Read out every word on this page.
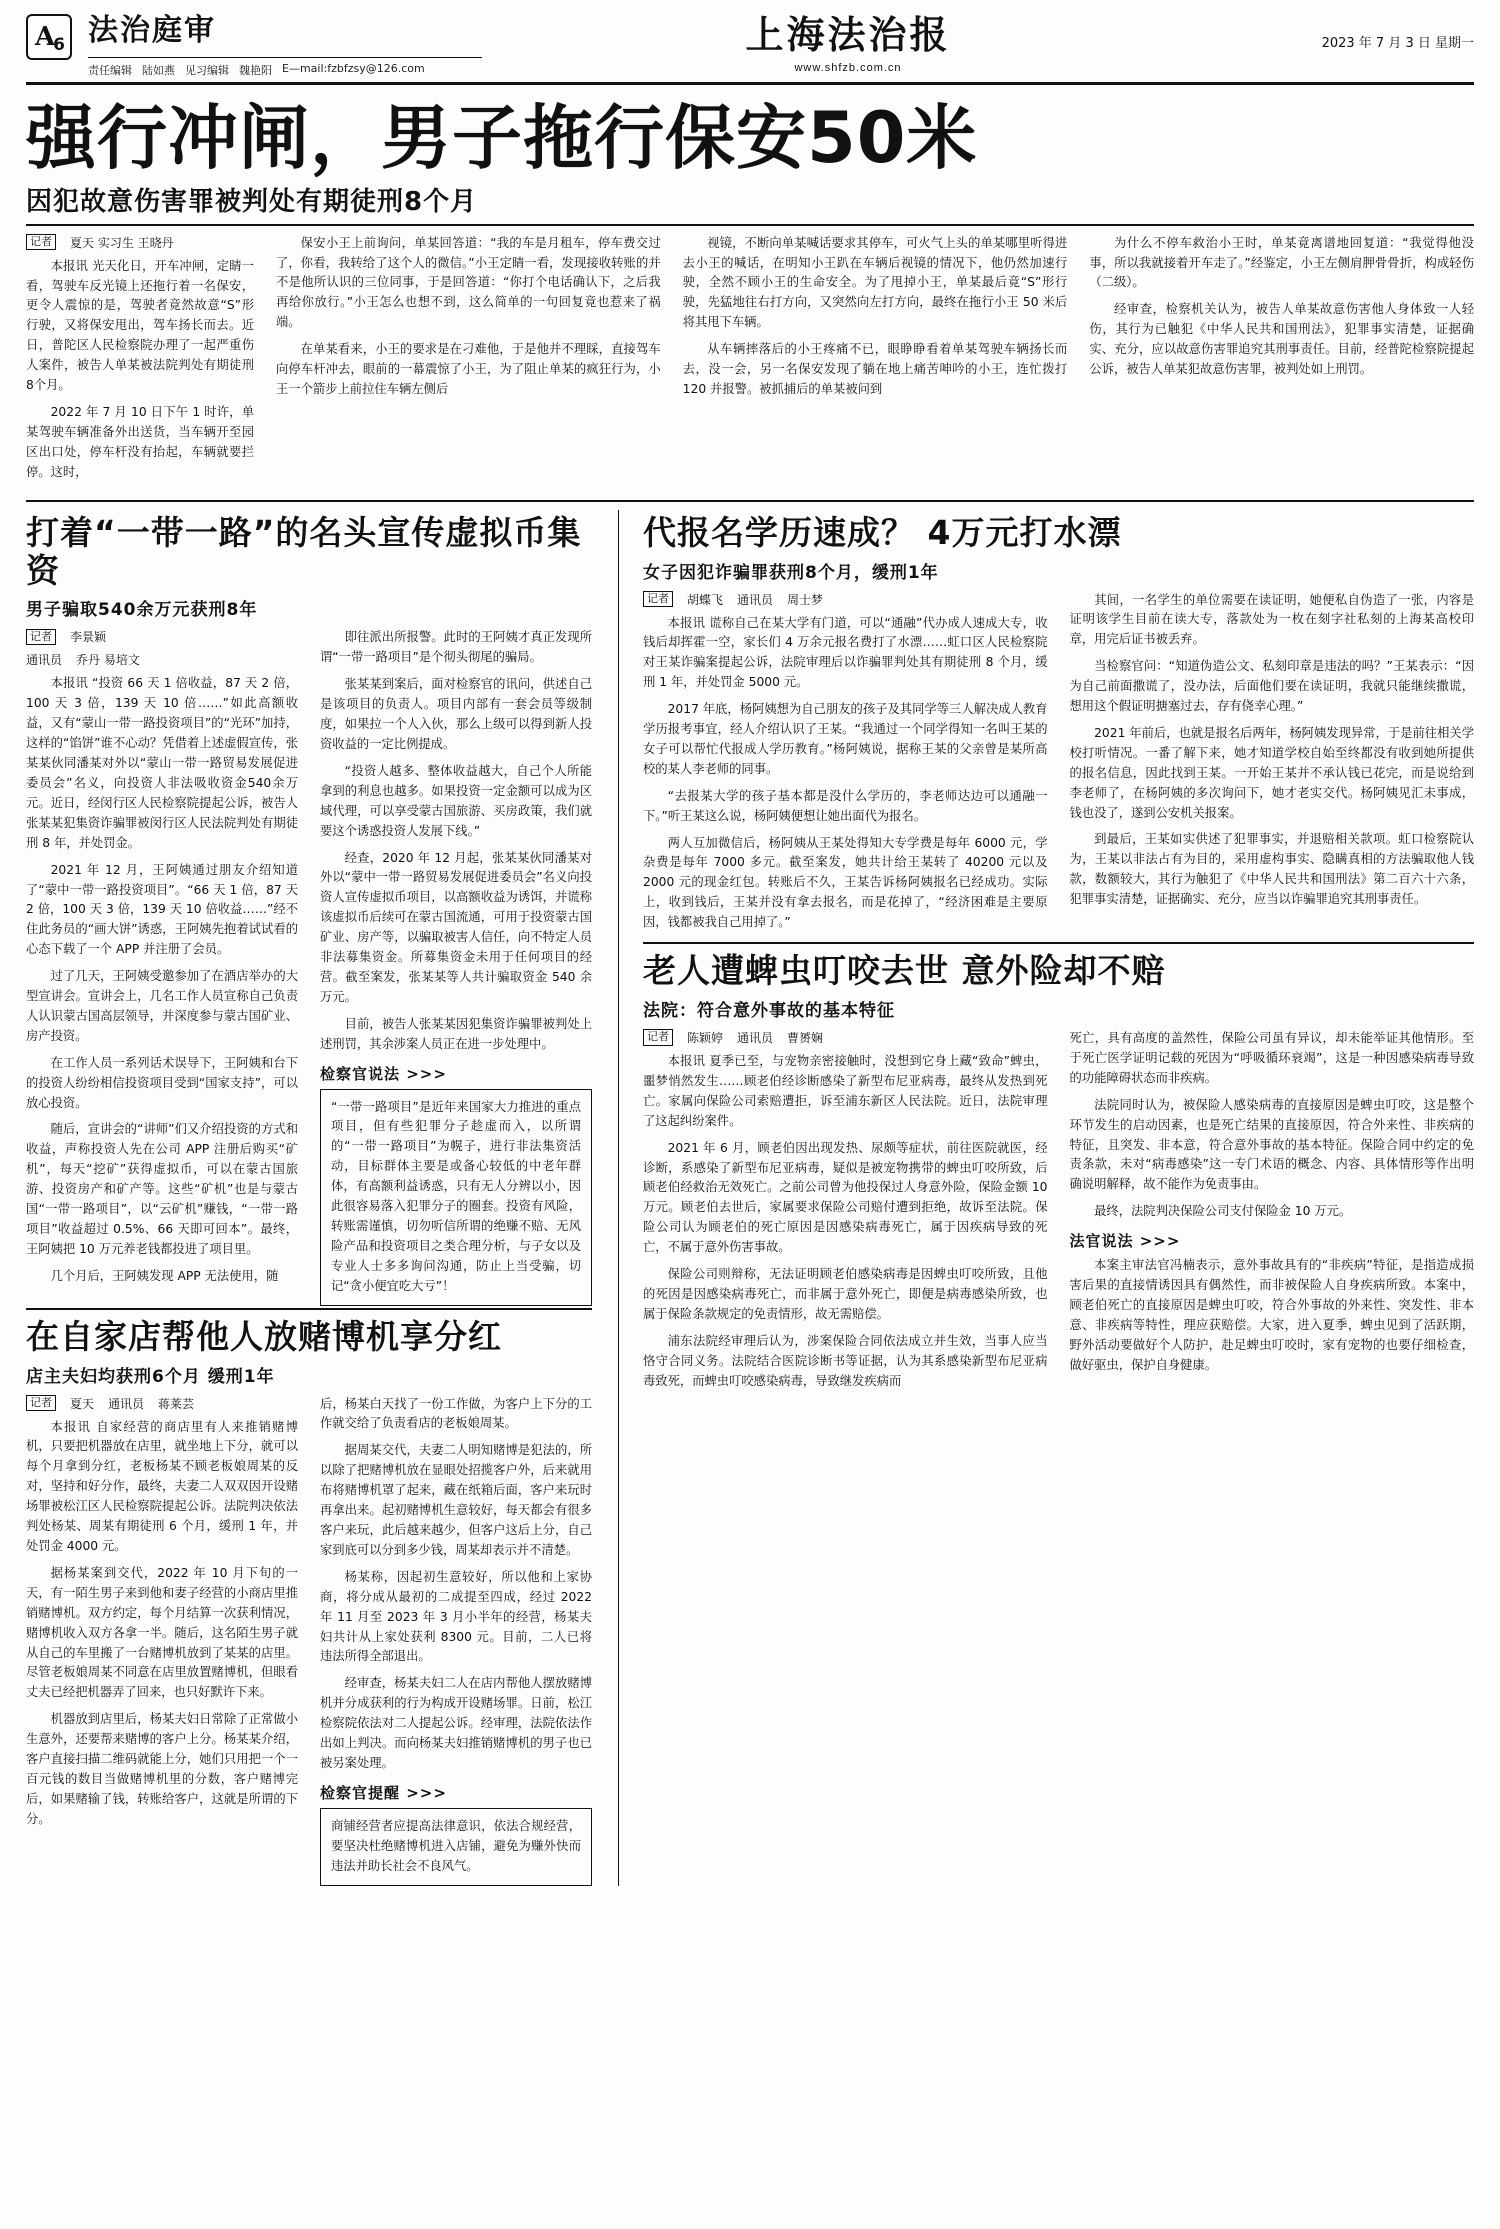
A 6 法治庭审
责任编辑 陆如燕 见习编辑 魏艳阳 E—mail:fzbfzsy@126.com
上海法治报
www.shfzb.com.cn
2023 年 7 月 3 日 星期一
强行冲闸，男子拖行保安50米
因犯故意伤害罪被判处有期徒刑8个月
记者	夏天 实习生 王晓丹

本报讯 光天化日，开车冲闸，定睛一看，驾驶车反光镜上还拖行着一名保安，更令人震惊的是，驾驶者竟然故意“S”形行驶，又将保安甩出，驾车扬长而去。近日，普陀区人民检察院办理了一起严重伤人案件，被告人单某被法院判处有期徒刑8个月。

2022 年 7 月 10 日下午 1 时许，单某驾驶车辆准备外出送货，当车辆开至园区出口处，停车杆没有抬起，车辆就要拦停。这时，

保安小王上前询问，单某回答道：“我的车是月租车，停车费交过了，你看，我转给了这个人的微信。”小王定睛一看，发现接收转账的并不是他所认识的三位同事，于是回答道：“你打个电话确认下，之后我再给你放行。”小王怎么也想不到，这么简单的一句回复竟也惹来了祸端。

在单某看来，小王的要求是在刁难他，于是他并不理睬，直接驾车向停车杆冲去，眼前的一幕震惊了小王，为了阻止单某的疯狂行为，小王一个箭步上前拉住车辆左侧后

视镜，不断向单某喊话要求其停车，可火气上头的单某哪里听得进去小王的喊话，在明知小王趴在车辆后视镜的情况下，他仍然加速行驶，全然不顾小王的生命安全。为了甩掉小王，单某最后竟“S”形行驶，先猛地往右打方向，又突然向左打方向，最终在拖行小王 50 米后将其甩下车辆。

从车辆摔落后的小王疼痛不已，眼睁睁看着单某驾驶车辆扬长而去，没一会，另一名保安发现了躺在地上痛苦呻吟的小王，连忙拨打 120 并报警。被抓捕后的单某被问到

为什么不停车救治小王时，单某竟离谱地回复道：“我觉得他没事，所以我就接着开车走了。”经鉴定，小王左侧肩胛骨骨折，构成轻伤（二级）。

经审查，检察机关认为，被告人单某故意伤害他人身体致一人轻伤，其行为已触犯《中华人民共和国刑法》，犯罪事实清楚，证据确实、充分，应以故意伤害罪追究其刑事责任。目前，经普陀检察院提起公诉，被告人单某犯故意伤害罪，被判处如上刑罚。

打着“一带一路”的名头宣传虚拟币集资
男子骗取540余万元获刑8年
记者	李景颖
通讯员 乔丹 易培文

本报讯 “投资 66 天 1 倍收益，87 天 2 倍，100 天 3 倍，139 天 10 倍……”如此高额收益，又有“蒙山一带一路投资项目”的“光环”加持，这样的“馅饼”谁不心动？凭借着上述虚假宣传，张某某伙同潘某对外以“蒙山一带一路贸易发展促进委员会”名义，向投资人非法吸收资金540余万元。近日，经闵行区人民检察院提起公诉，被告人张某某犯集资诈骗罪被闵行区人民法院判处有期徒刑 8 年，并处罚金。

2021 年 12 月，王阿姨通过朋友介绍知道了“蒙中一带一路投资项目”。“66 天 1 倍，87 天 2 倍，100 天 3 倍，139 天 10 倍收益……”经不住此务员的“画大饼”诱惑，王阿姨先抱着试试看的心态下载了一个 APP 并注册了会员。

过了几天，王阿姨受邀参加了在酒店举办的大型宣讲会。宣讲会上，几名工作人员宣称自己负责人认识蒙古国高层领导，并深度参与蒙古国矿业、房产投资。

在工作人员一系列话术误导下，王阿姨和台下的投资人纷纷相信投资项目受到“国家支持”，可以放心投资。

随后，宣讲会的“讲师”们又介绍投资的方式和收益，声称投资人先在公司 APP 注册后购买“矿机”，每天“挖矿”获得虚拟币，可以在蒙古国旅游、投资房产和矿产等。这些“矿机”也是与蒙古国“一带一路项目”，以“云矿机”赚钱，“一带一路项目”收益超过 0.5%、66 天即可回本”。最终，王阿姨把 10 万元养老钱都投进了项目里。

几个月后，王阿姨发现 APP 无法使用，随

即往派出所报警。此时的王阿姨才真正发现所谓“一带一路项目”是个彻头彻尾的骗局。

张某某到案后，面对检察官的讯问，供述自己是该项目的负责人。项目内部有一套会员等级制度，如果拉一个人入伙，那么上级可以得到新人投资收益的一定比例提成。

“投资人越多、整体收益越大，自己个人所能拿到的利息也越多。如果投资一定金额可以成为区域代理，可以享受蒙古国旅游、买房政策，我们就要这个诱惑投资人发展下线。”

经查，2020 年 12 月起，张某某伙同潘某对外以“蒙中一带一路贸易发展促进委员会”名义向投资人宣传虚拟币项目，以高额收益为诱饵，并谎称该虚拟币后续可在蒙古国流通，可用于投资蒙古国矿业、房产等，以骗取被害人信任，向不特定人员非法募集资金。所募集资金未用于任何项目的经营。截至案发，张某某等人共计骗取资金 540 余万元。

目前，被告人张某某因犯集资诈骗罪被判处上述刑罚，其余涉案人员正在进一步处理中。

检察官说法 >>>
“一带一路项目”是近年来国家大力推进的重点项目，但有些犯罪分子趁虚而入，以所谓的“一带一路项目”为幌子，进行非法集资活动，目标群体主要是或备心较低的中老年群体，有高额利益诱惑，只有无人分辨以小，因此很容易落入犯罪分子的圈套。投资有风险，转账需谨慎，切勿听信所谓的绝赚不赔、无风险产品和投资项目之类合理分析，与子女以及专业人士多多询问沟通，防止上当受骗，切记“贪小便宜吃大亏”！
在自家店帮他人放赌博机享分红
店主夫妇均获刑6个月 缓刑1年
记者	夏天 通讯员 蒋莱芸

本报讯 自家经营的商店里有人来推销赌博机，只要把机器放在店里，就坐地上下分，就可以每个月拿到分红，老板杨某不顾老板娘周某的反对，坚持和好分作，最终，夫妻二人双双因开设赌场罪被松江区人民检察院提起公诉。法院判决依法判处杨某、周某有期徒刑 6 个月，缓刑 1 年，并处罚金 4000 元。

据杨某案到交代，2022 年 10 月下旬的一天，有一陌生男子来到他和妻子经营的小商店里推销赌博机。双方约定，每个月结算一次获利情况，赌博机收入双方各拿一半。随后，这名陌生男子就从自己的车里搬了一台赌博机放到了某某的店里。尽管老板娘周某不同意在店里放置赌博机，但眼看丈夫已经把机器弄了回来，也只好默许下来。

机器放到店里后，杨某夫妇日常除了正常做小生意外，还要帮来赌博的客户上分。杨某某介绍，客户直接扫描二维码就能上分，她们只用把一个一百元钱的数目当做赌博机里的分数，客户赌博完后，如果赌输了钱，转账给客户，这就是所谓的下分。

后，杨某白天找了一份工作做，为客户上下分的工作就交给了负责看店的老板娘周某。

据周某交代，夫妻二人明知赌博是犯法的，所以除了把赌博机放在显眼处招揽客户外，后来就用布将赌博机罩了起来，藏在纸箱后面，客户来玩时再拿出来。起初赌博机生意较好，每天都会有很多客户来玩，此后越来越少，但客户这后上分，自己家到底可以分到多少钱，周某却表示并不清楚。

杨某称，因起初生意较好，所以他和上家协商，将分成从最初的二成提至四成，经过 2022 年 11 月至 2023 年 3 月小半年的经营，杨某夫妇共计从上家处获利 8300 元。目前，二人已将违法所得全部退出。

经审查，杨某夫妇二人在店内帮他人摆放赌博机并分成获利的行为构成开设赌场罪。日前，松江检察院依法对二人提起公诉。经审理，法院依法作出如上判决。而向杨某夫妇推销赌博机的男子也已被另案处理。

检察官提醒 >>>
商铺经营者应提高法律意识，依法合规经营，要坚决杜绝赌博机进入店铺，避免为赚外快而违法并助长社会不良风气。
代报名学历速成？ 4万元打水漂
女子因犯诈骗罪获刑8个月，缓刑1年
记者	胡蝶飞 通讯员 周士梦

本报讯 谎称自己在某大学有门道，可以“通融”代办成人速成大专，收钱后却挥霍一空，家长们 4 万余元报名费打了水漂……虹口区人民检察院对王某诈骗案提起公诉，法院审理后以诈骗罪判处其有期徒刑 8 个月，缓刑 1 年，并处罚金 5000 元。

2017 年底，杨阿姨想为自己朋友的孩子及其同学等三人解决成人教育学历报考事宜，经人介绍认识了王某。“我通过一个同学得知一名叫王某的女子可以帮忙代报成人学历教育。”杨阿姨说，据称王某的父亲曾是某所高校的某人李老师的同事。

“去报某大学的孩子基本都是没什么学历的，李老师达边可以通融一下。”听王某这么说，杨阿姨便想让她出面代为报名。

两人互加微信后，杨阿姨从王某处得知大专学费是每年 6000 元，学杂费是每年 7000 多元。截至案发，她共计给王某转了 40200 元以及 2000 元的现金红包。转账后不久，王某告诉杨阿姨报名已经成功。实际上，收到钱后，王某并没有拿去报名，而是花掉了，“经济困难是主要原因，钱都被我自己用掉了。”

其间，一名学生的单位需要在读证明，她便私自伪造了一张，内容是证明该学生目前在读大专，落款处为一枚在刻字社私刻的上海某高校印章，用完后证书被丢弃。

当检察官问：“知道伪造公文、私刻印章是违法的吗？”王某表示：“因为自己前面撒谎了，没办法，后面他们要在读证明，我就只能继续撒谎，想用这个假证明搪塞过去，存有侥幸心理。”

2021 年前后，也就是报名后两年，杨阿姨发现异常，于是前往相关学校打听情况。一番了解下来，她才知道学校自始至终都没有收到她所提供的报名信息，因此找到王某。一开始王某并不承认钱已花完，而是说给到李老师了，在杨阿姨的多次询问下，她才老实交代。杨阿姨见汇未事成，钱也没了，遂到公安机关报案。

到最后，王某如实供述了犯罪事实，并退赔相关款项。虹口检察院认为，王某以非法占有为目的，采用虚构事实、隐瞒真相的方法骗取他人钱款，数额较大，其行为触犯了《中华人民共和国刑法》第二百六十六条，犯罪事实清楚，证据确实、充分，应当以诈骗罪追究其刑事责任。

老人遭蜱虫叮咬去世 意外险却不赔
法院：符合意外事故的基本特征
记者	陈颖婷 通讯员 曹赟娴

本报讯 夏季已至，与宠物亲密接触时，没想到它身上藏“致命”蜱虫，噩梦悄然发生……顾老伯经诊断感染了新型布尼亚病毒，最终从发热到死亡。家属向保险公司索赔遭拒，诉至浦东新区人民法院。近日，法院审理了这起纠纷案件。

2021 年 6 月，顾老伯因出现发热、尿颇等症状，前往医院就医，经诊断，系感染了新型布尼亚病毒，疑似是被宠物携带的蜱虫叮咬所致，后顾老伯经救治无效死亡。之前公司曾为他投保过人身意外险，保险金额 10 万元。顾老伯去世后，家属要求保险公司赔付遭到拒绝，故诉至法院。保险公司认为顾老伯的死亡原因是因感染病毒死亡，属于因疾病导致的死亡，不属于意外伤害事故。

保险公司则辩称，无法证明顾老伯感染病毒是因蜱虫叮咬所致，且他的死因是因感染病毒死亡，而非属于意外死亡，即便是病毒感染所致，也属于保险条款规定的免责情形，故无需赔偿。

浦东法院经审理后认为，涉案保险合同依法成立并生效，当事人应当恪守合同义务。法院结合医院诊断书等证据，认为其系感染新型布尼亚病毒致死，而蜱虫叮咬感染病毒，导致继发疾病而

死亡，具有高度的盖然性，保险公司虽有异议，却未能举证其他情形。至于死亡医学证明记载的死因为“呼吸循环衰竭”，这是一种因感染病毒导致的功能障碍状态而非疾病。

法院同时认为，被保险人感染病毒的直接原因是蜱虫叮咬，这是整个环节发生的启动因素，也是死亡结果的直接原因，符合外来性、非疾病的特征，且突发、非本意，符合意外事故的基本特征。保险合同中约定的免责条款，未对“病毒感染”这一专门术语的概念、内容、具体情形等作出明确说明解释，故不能作为免责事由。

最终，法院判决保险公司支付保险金 10 万元。

法官说法 >>>

本案主审法官冯楠表示，意外事故具有的“非疾病”特征，是指造成损害后果的直接情诱因具有偶然性，而非被保险人自身疾病所致。本案中，顾老伯死亡的直接原因是蜱虫叮咬，符合外事故的外来性、突发性、非本意、非疾病等特性，理应获赔偿。大家，进入夏季，蜱虫见到了活跃期，野外活动要做好个人防护，赴足蜱虫叮咬时，家有宠物的也要仔细检查，做好驱虫，保护自身健康。
